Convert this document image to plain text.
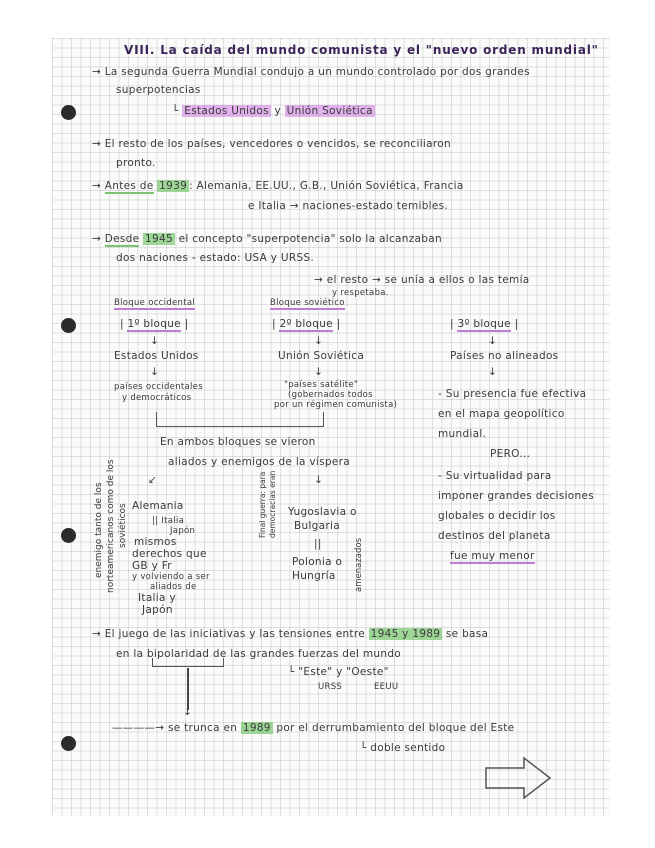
VIII. La caída del mundo comunista y el "nuevo orden mundial"
→ La segunda Guerra Mundial condujo a un mundo controlado por dos grandes
superpotencias
└ Estados Unidos y Unión Soviética
→ El resto de los países, vencedores o vencidos, se reconciliaron
pronto.
→ Antes de 1939 : Alemania, EE.UU., G.B., Unión Soviética, Francia
e Italia → naciones-estado temibles.
→ Desde 1945 el concepto "superpotencia" solo la alcanzaban
dos naciones - estado: USA y URSS.
→ el resto → se unía a ellos o las temía
y respetaba.
Bloque occidental
| 1º bloque |
↓
Estados Unidos
↓
países occidentales
y democráticos
Bloque soviético
| 2º bloque |
↓
Unión Soviética
↓
"países satélite"
(gobernados todos
por un régimen comunista)
| 3º bloque |
↓
Países no alineados
↓
- Su presencia fue efectiva
en el mapa geopolítico
mundial.
PERO...
- Su virtualidad para
imponer grandes decisiones
globales o decidir los
destinos del planeta
fue muy menor
En ambos bloques se vieron
aliados y enemigos de la víspera
↙	↓
enemigo tanto de los norteamericanos como de los soviéticos Alemania
|| Italia
Japón
mismos
derechos que
GB y Fr
y volviendo a ser
aliados de
Italia y
Japón
Final guerra: para democracias eran Yugoslavia o
Bulgaria
||
Polonia o
Hungría amenazados
→ El juego de las iniciativas y las tensiones entre 1945 y 1989 se basa
en la bipolaridad de las grandes fuerzas del mundo
└ "Este" y "Oeste"
URSS	EEUU
↓
————→ se trunca en 1989 por el derrumbamiento del bloque del Este
└ doble sentido
